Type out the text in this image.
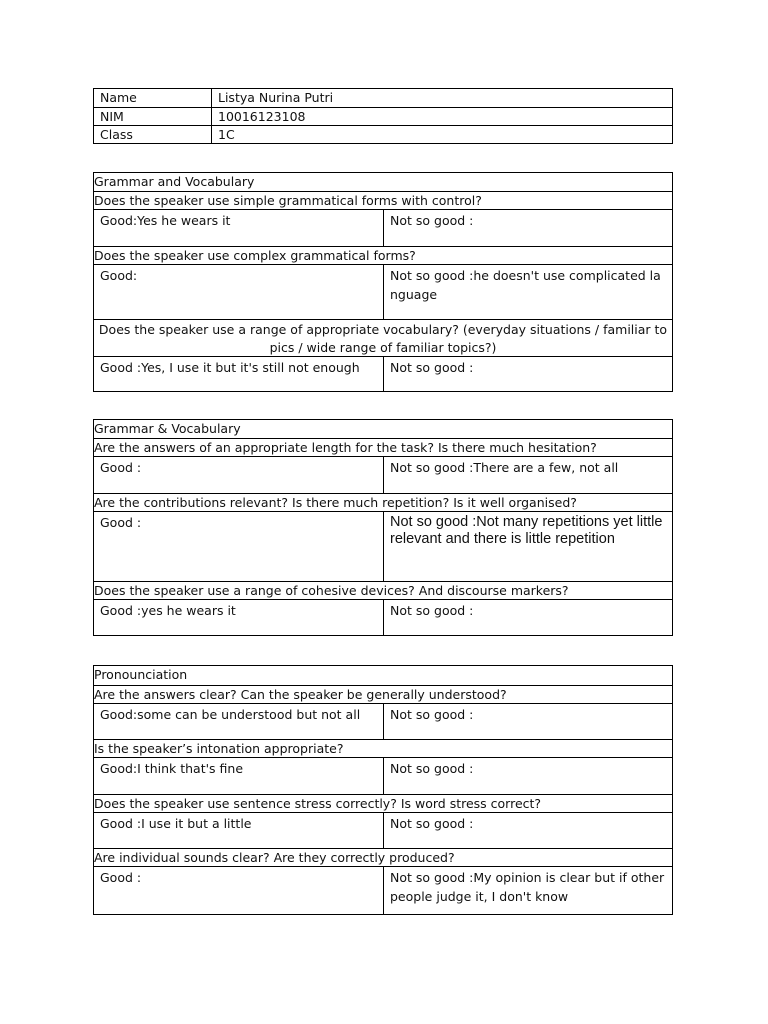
Name	Listya Nurina Putri
NIM	10016123108
Class	1C
Grammar and Vocabulary
Does the speaker use simple grammatical forms with control?
Good:Yes he wears it	Not so good :
Does the speaker use complex grammatical forms?
Good:	Not so good :he doesn't use complicated la nguage
Does the speaker use a range of appropriate vocabulary? (everyday situations / familiar to pics / wide range of familiar topics?)
Good :Yes, I use it but it's still not enough	Not so good :
Grammar & Vocabulary
Are the answers of an appropriate length for the task? Is there much hesitation?
Good :	Not so good :There are a few, not all
Are the contributions relevant? Is there much repetition? Is it well organised?
Good :	Not so good :Not many repetitions yet little relevant and there is little repetition
Does the speaker use a range of cohesive devices? And discourse markers?
Good :yes he wears it	Not so good :
Pronounciation
Are the answers clear? Can the speaker be generally understood?
Good:some can be understood but not all	Not so good :
Is the speaker’s intonation appropriate?
Good:I think that's fine	Not so good :
Does the speaker use sentence stress correctly? Is word stress correct?
Good :I use it but a little	Not so good :
Are individual sounds clear? Are they correctly produced?
Good :	Not so good :My opinion is clear but if other people judge it, I don't know
